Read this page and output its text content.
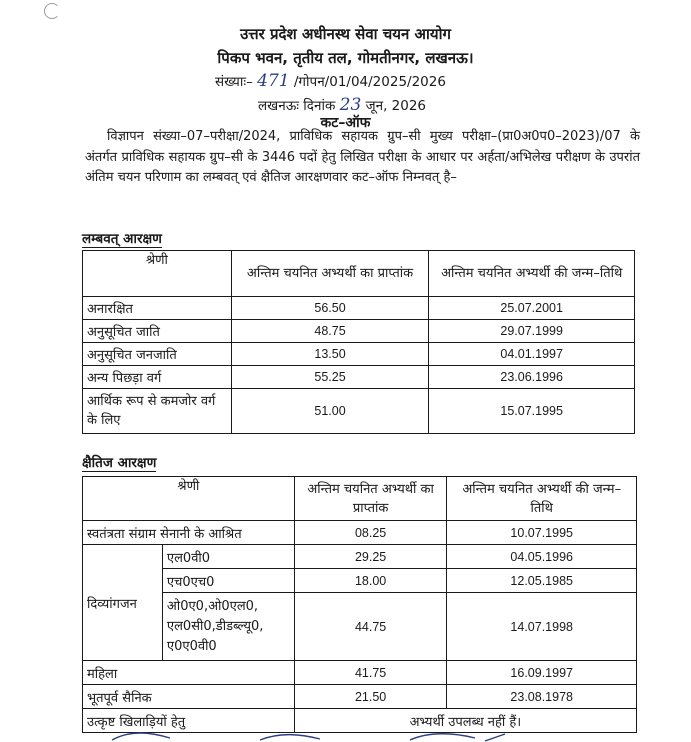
उत्तर प्रदेश अधीनस्थ सेवा चयन आयोग
पिकप भवन, तृतीय तल, गोमतीनगर, लखनऊ।
संख्याः– 471 /गोपन/01/04/2025/2026
लखनऊः दिनांक 23 जून, 2026
कट–ऑफ
विज्ञापन संख्या–07–परीक्षा/2024, प्राविधिक सहायक ग्रुप–सी मुख्य परीक्षा–(प्रा0अ0प0–2023)/07 के अंतर्गत प्राविधिक सहायक ग्रुप–सी के 3446 पदों हेतु लिखित परीक्षा के आधार पर अर्हता/अभिलेख परीक्षण के उपरांत अंतिम चयन परिणाम का लम्बवत् एवं क्षैतिज आरक्षणवार कट–ऑफ निम्नवत् है–
लम्बवत् आरक्षण
श्रेणी	अन्तिम चयनित अभ्यर्थी का प्राप्तांक	अन्तिम चयनित अभ्यर्थी की जन्म–तिथि
अनारक्षित	56.50	25.07.2001
अनुसूचित जाति	48.75	29.07.1999
अनुसूचित जनजाति	13.50	04.01.1997
अन्य पिछड़ा वर्ग	55.25	23.06.1996
आर्थिक रूप से कमजोर वर्ग के लिए	51.00	15.07.1995
क्षैतिज आरक्षण
श्रेणी		अन्तिम चयनित अभ्यर्थी का प्राप्तांक	अन्तिम चयनित अभ्यर्थी की जन्म–तिथि
स्वतंत्रता संग्राम सेनानी के आश्रित		08.25	10.07.1995
दिव्यांगजन	एल0वी0	29.25	04.05.1996
	एच0एच0	18.00	12.05.1985
	ओ0ए0,ओ0एल0, एल0सी0,डीडब्ल्यू0, ए0ए0वी0	44.75	14.07.1998
महिला		41.75	16.09.1997
भूतपूर्व सैनिक		21.50	23.08.1978
उत्कृष्ट खिलाड़ियों हेतु		अभ्यर्थी उपलब्ध नहीं हैं।	
